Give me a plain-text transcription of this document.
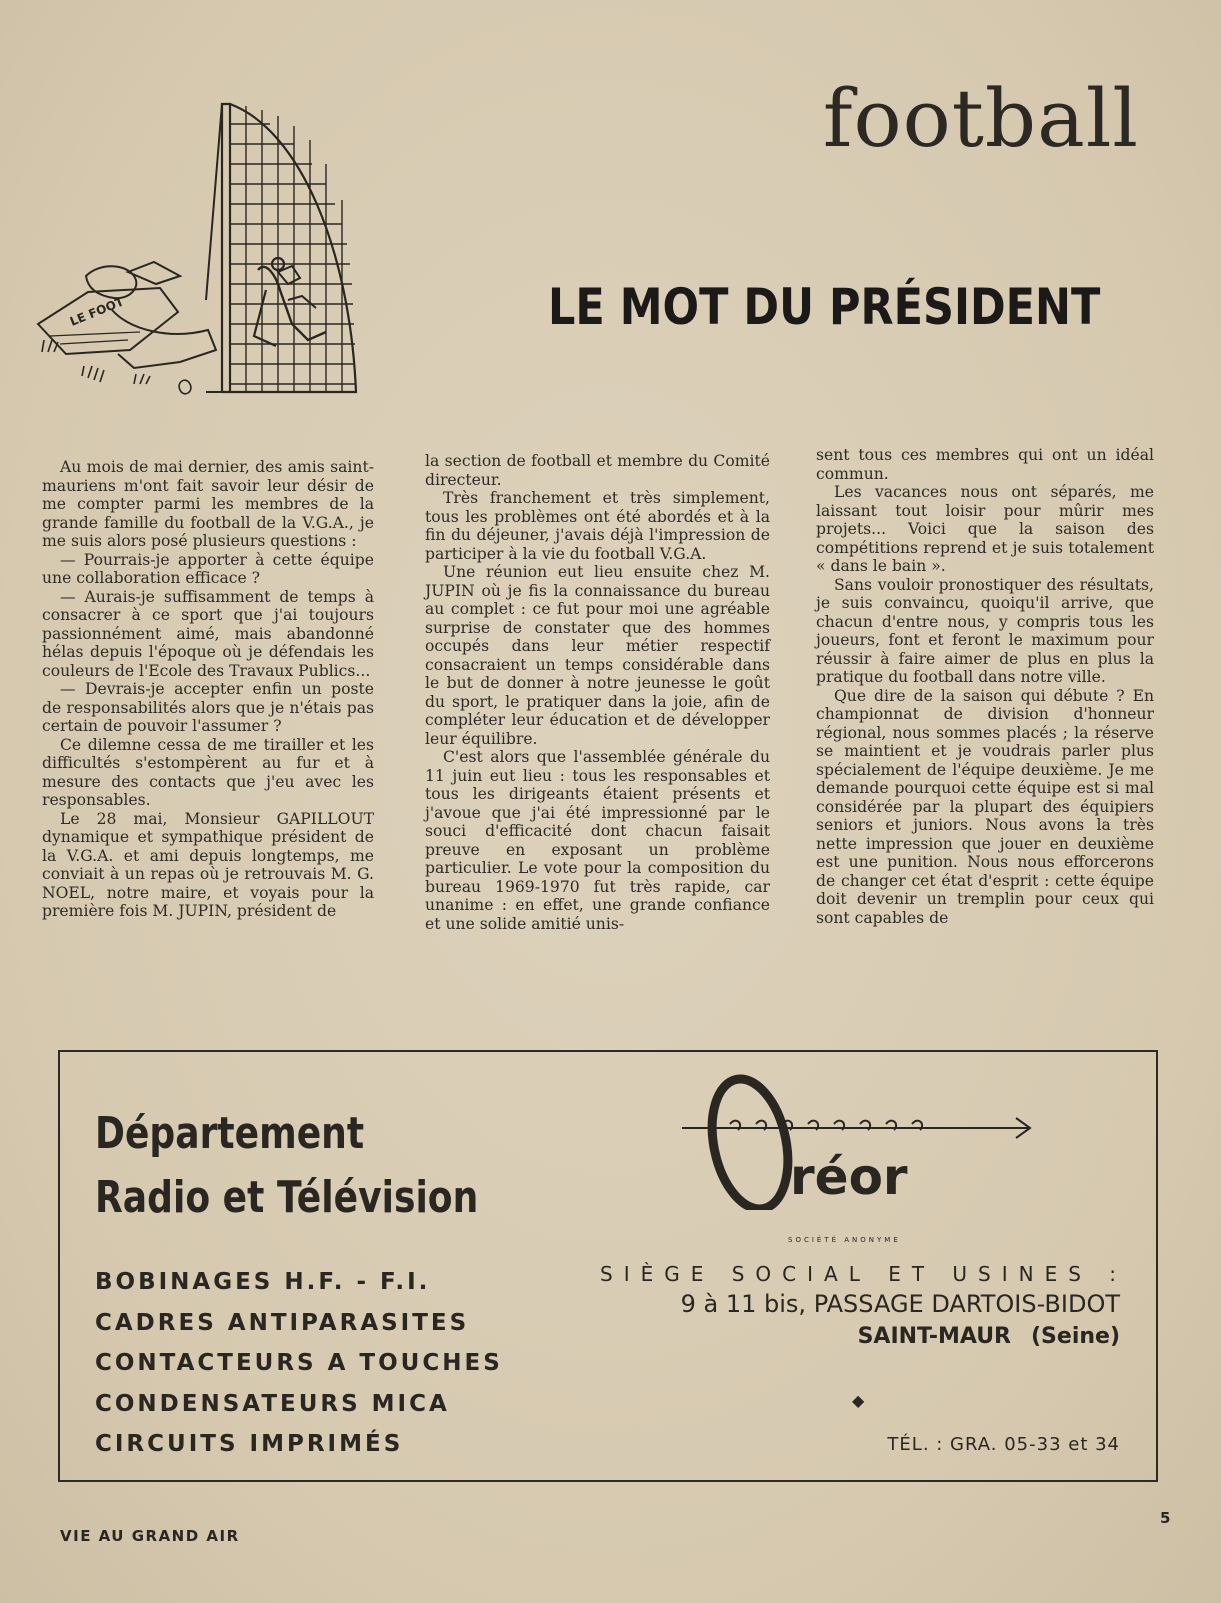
football
LE FOOT	LE MOT DU PRÉSIDENT

Au mois de mai dernier, des amis saint-mauriens m'ont fait savoir leur désir de me compter parmi les membres de la grande famille du football de la V.G.A., je me suis alors posé plusieurs questions :

— Pourrais-je apporter à cette équipe une collaboration efficace ?

— Aurais-je suffisamment de temps à consacrer à ce sport que j'ai toujours passionnément aimé, mais abandonné hélas depuis l'époque où je défendais les couleurs de l'Ecole des Travaux Publics...

— Devrais-je accepter enfin un poste de responsabilités alors que je n'étais pas certain de pouvoir l'assumer ?

Ce dilemne cessa de me tirailler et les difficultés s'estompèrent au fur et à mesure des contacts que j'eu avec les responsables.

Le 28 mai, Monsieur GAPILLOUT dynamique et sympathique président de la V.G.A. et ami depuis longtemps, me conviait à un repas où je retrouvais M. G. NOEL, notre maire, et voyais pour la première fois M. JUPIN, président de

la section de football et membre du Comité directeur.

Très franchement et très simplement, tous les problèmes ont été abordés et à la fin du déjeuner, j'avais déjà l'impression de participer à la vie du football V.G.A.

Une réunion eut lieu ensuite chez M. JUPIN où je fis la connaissance du bureau au complet : ce fut pour moi une agréable surprise de constater que des hommes occupés dans leur métier respectif consacraient un temps considérable dans le but de donner à notre jeunesse le goût du sport, le pratiquer dans la joie, afin de compléter leur éducation et de développer leur équilibre.

C'est alors que l'assemblée générale du 11 juin eut lieu : tous les responsables et tous les dirigeants étaient présents et j'avoue que j'ai été impressionné par le souci d'efficacité dont chacun faisait preuve en exposant un problème particulier. Le vote pour la composition du bureau 1969-1970 fut très rapide, car unanime : en effet, une grande confiance et une solide amitié unis-

sent tous ces membres qui ont un idéal commun.

Les vacances nous ont séparés, me laissant tout loisir pour mûrir mes projets... Voici que la saison des compétitions reprend et je suis totalement « dans le bain ».

Sans vouloir pronostiquer des résultats, je suis convaincu, quoiqu'il arrive, que chacun d'entre nous, y compris tous les joueurs, font et feront le maximum pour réussir à faire aimer de plus en plus la pratique du football dans notre ville.

Que dire de la saison qui débute ? En championnat de division d'honneur régional, nous sommes placés ; la réserve se maintient et je voudrais parler plus spécialement de l'équipe deuxième. Je me demande pourquoi cette équipe est si mal considérée par la plupart des équipiers seniors et juniors. Nous avons la très nette impression que jouer en deuxième est une punition. Nous nous efforcerons de changer cet état d'esprit : cette équipe doit devenir un tremplin pour ceux qui sont capables de

Département
Radio et Télévision
BOBINAGES H.F. - F.I.
CADRES ANTIPARASITES
CONTACTEURS A TOUCHES
CONDENSATEURS MICA
CIRCUITS IMPRIMÉS
réor
SOCIÉTÉ ANONYME
SIÈGE SOCIAL ET USINES :
9 à 11 bis, PASSAGE DARTOIS-BIDOT
SAINT-MAUR (Seine)
◆
TÉL. : GRA. 05-33 et 34
VIE AU GRAND AIR
5
